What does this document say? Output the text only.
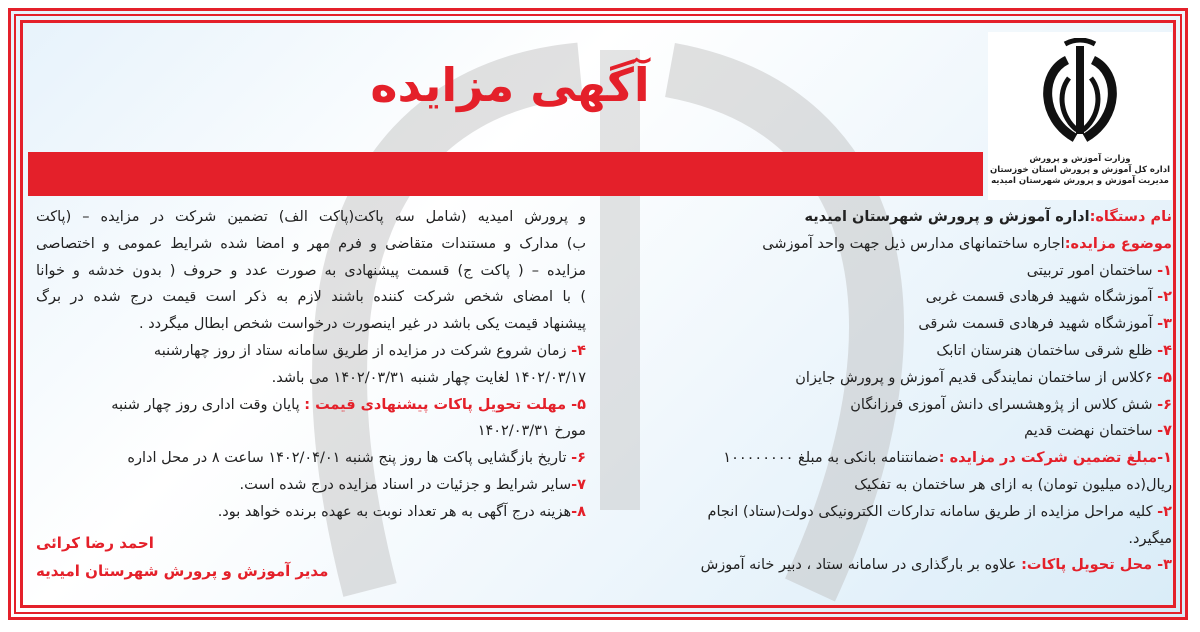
آگهی مزایده
وزارت آموزش و پرورش
اداره کل آموزش و پرورش استان خوزستان
مدیریت آموزش و پرورش شهرستان امیدیه
نام دستگاه:اداره آموزش و پرورش شهرستان امیدیه
موضوع مزایده:اجاره ساختمانهای مدارس ذیل جهت واحد آموزشی
۱- ساختمان امور تربیتی
۲- آموزشگاه شهید فرهادی قسمت غربی
۳- آموزشگاه شهید فرهادی قسمت شرقی
۴- ظلع شرقی ساختمان هنرستان اتابک
۵- ۶کلاس از ساختمان نمایندگی قدیم آموزش و پرورش جایزان
۶- شش کلاس از پژوهشسرای دانش آموزی فرزانگان
۷- ساختمان نهضت قدیم
۱-مبلغ تضمین شرکت در مزایده :ضمانتنامه بانکی به مبلغ ۱۰۰۰۰۰۰۰۰
ریال(ده میلیون تومان) به ازای هر ساختمان به تفکیک
۲- کلیه مراحل مزایده از طریق سامانه تدارکات الکترونیکی دولت(ستاد) انجام
میگیرد.
۳- محل تحویل پاکات: علاوه بر بارگذاری در سامانه ستاد ، دبیر خانه آموزش
و پرورش امیدیه (شامل سه پاکت(پاکت الف) تضمین شرکت در مزایده – (پاکت
ب) مدارک و مستندات متقاضی و فرم مهر و امضا شده شرایط عمومی و اختصاصی
مزایده – ( پاکت ج) قسمت پیشنهادی به صورت عدد و حروف ( بدون خدشه و خوانا
) با امضای شخص شرکت کننده باشند لازم به ذکر است قیمت درج شده در برگ
پیشنهاد قیمت یکی باشد در غیر اینصورت درخواست شخص ابطال میگردد .
۴- زمان شروع شرکت در مزایده از طریق سامانه ستاد از روز چهارشنبه
۱۴۰۲/۰۳/۱۷ لغایت چهار شنبه ۱۴۰۲/۰۳/۳۱ می باشد.
۵- مهلت تحویل پاکات پیشنهادی قیمت : پایان وقت اداری روز چهار شنبه
مورخ ۱۴۰۲/۰۳/۳۱
۶- تاریخ بازگشایی پاکت ها روز پنج شنبه ۱۴۰۲/۰۴/۰۱ ساعت ۸ در محل اداره
۷-سایر شرایط و جزئیات در اسناد مزایده درج شده است.
۸-هزینه درج آگهی به هر تعداد نوبت به عهده برنده خواهد بود.
احمد رضا کرائی
مدیر آموزش و پرورش شهرستان امیدیه
